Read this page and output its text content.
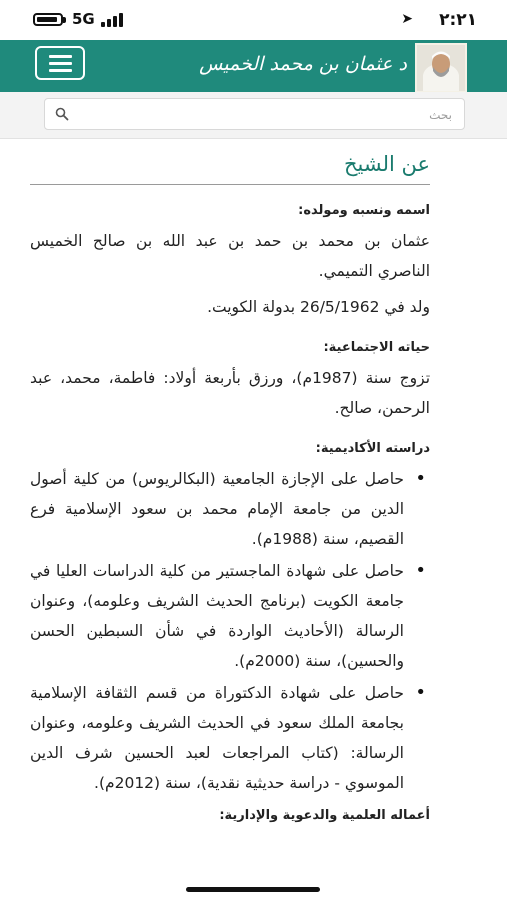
5G	➤ ٢:٢١
د عثمان بن محمد الخميس
بحث
عن الشيخ
اسمه ونسبه ومولده:

عثمان بن محمد بن حمد بن عبد الله بن صالح الخميس الناصري التميمي.

ولد في 26/5/1962 بدولة الكويت.

حياته الاجتماعية:

تزوج سنة (1987م)، ورزق بأربعة أولاد: فاطمة، محمد، عبد الرحمن، صالح.

دراسته الأكاديمية:
• حاصل على الإجازة الجامعية (البكالريوس) من كلية أصول الدين من جامعة الإمام محمد بن سعود الإسلامية فرع القصيم، سنة (1988م).
• حاصل على شهادة الماجستير من كلية الدراسات العليا في جامعة الكويت (برنامج الحديث الشريف وعلومه)، وعنوان الرسالة (الأحاديث الواردة في شأن السبطين الحسن والحسين)، سنة (2000م).
• حاصل على شهادة الدكتوراة من قسم الثقافة الإسلامية بجامعة الملك سعود في الحديث الشريف وعلومه، وعنوان الرسالة: (كتاب المراجعات لعبد الحسين شرف الدين الموسوي - دراسة حديثية نقدية)، سنة (2012م).
أعماله العلمية والدعوية والإدارية:
